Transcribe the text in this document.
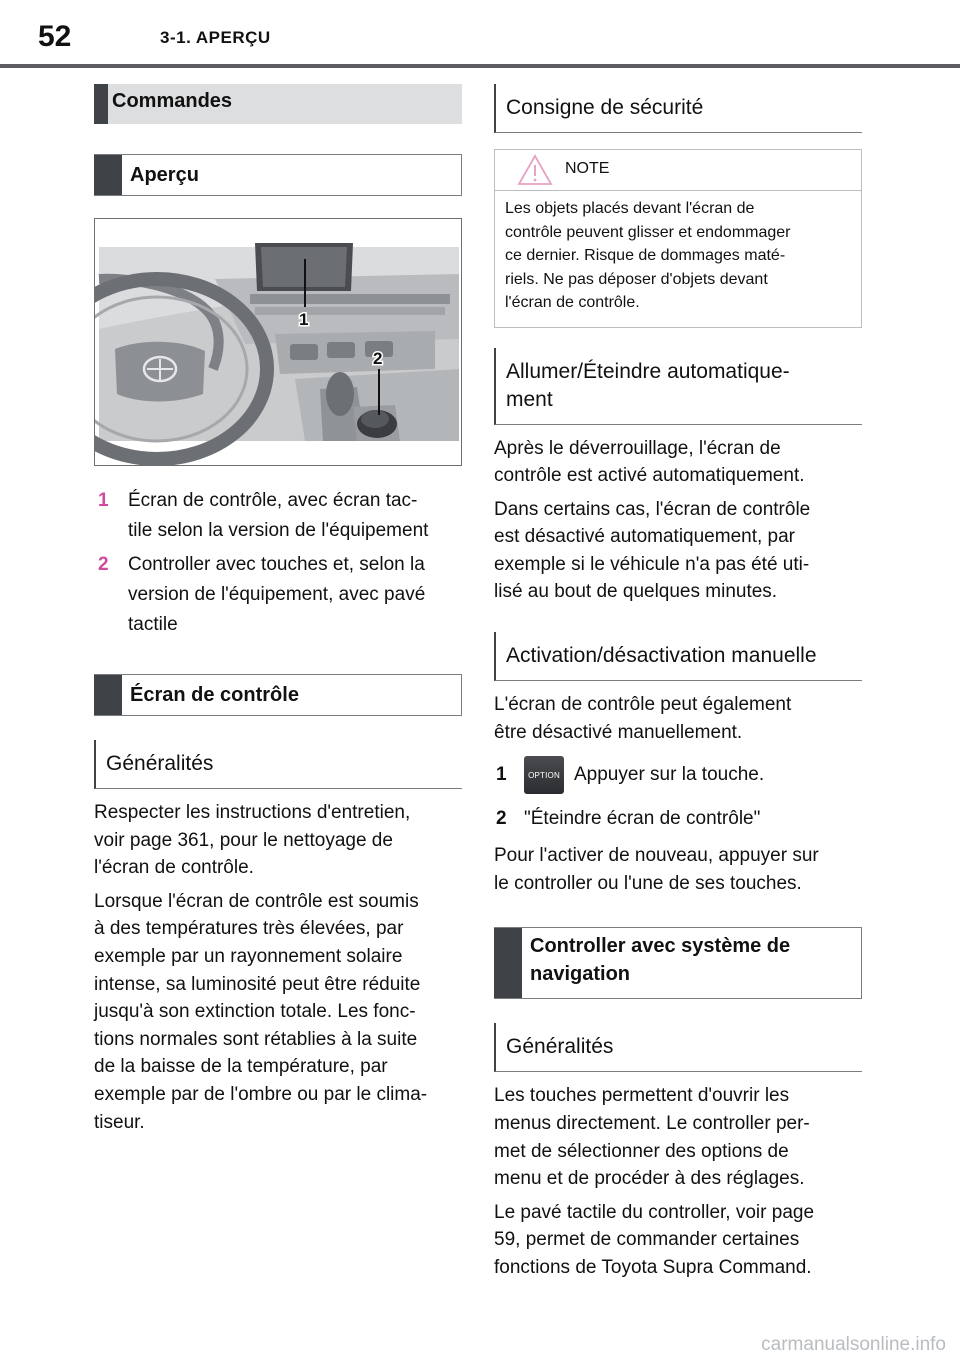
52	3-1. APERÇU
Commandes
Aperçu
1
2
1	Écran de contrôle, avec écran tac-
tile selon la version de l'équipement
2	Controller avec touches et, selon la
version de l'équipement, avec pavé
tactile
Écran de contrôle
Généralités

Respecter les instructions d'entretien,
voir page 361, pour le nettoyage de
l'écran de contrôle.

Lorsque l'écran de contrôle est soumis
à des températures très élevées, par
exemple par un rayonnement solaire
intense, sa luminosité peut être réduite
jusqu'à son extinction totale. Les fonc-
tions normales sont rétablies à la suite
de la baisse de la température, par
exemple par de l'ombre ou par le clima-
tiseur.

Consigne de sécurité
NOTE
Les objets placés devant l'écran de
contrôle peuvent glisser et endommager
ce dernier. Risque de dommages maté-
riels. Ne pas déposer d'objets devant
l'écran de contrôle.
Allumer/Éteindre automatique-
ment

Après le déverrouillage, l'écran de
contrôle est activé automatiquement.

Dans certains cas, l'écran de contrôle
est désactivé automatiquement, par
exemple si le véhicule n'a pas été uti-
lisé au bout de quelques minutes.

Activation/désactivation manuelle

L'écran de contrôle peut également
être désactivé manuellement.

1	OPTION Appuyer sur la touche.
2 "Éteindre écran de contrôle"

Pour l'activer de nouveau, appuyer sur
le controller ou l'une de ses touches.

Controller avec système de
navigation
Généralités

Les touches permettent d'ouvrir les
menus directement. Le controller per-
met de sélectionner des options de
menu et de procéder à des réglages.

Le pavé tactile du controller, voir page
59, permet de commander certaines
fonctions de Toyota Supra Command.

carmanualsonline.info
